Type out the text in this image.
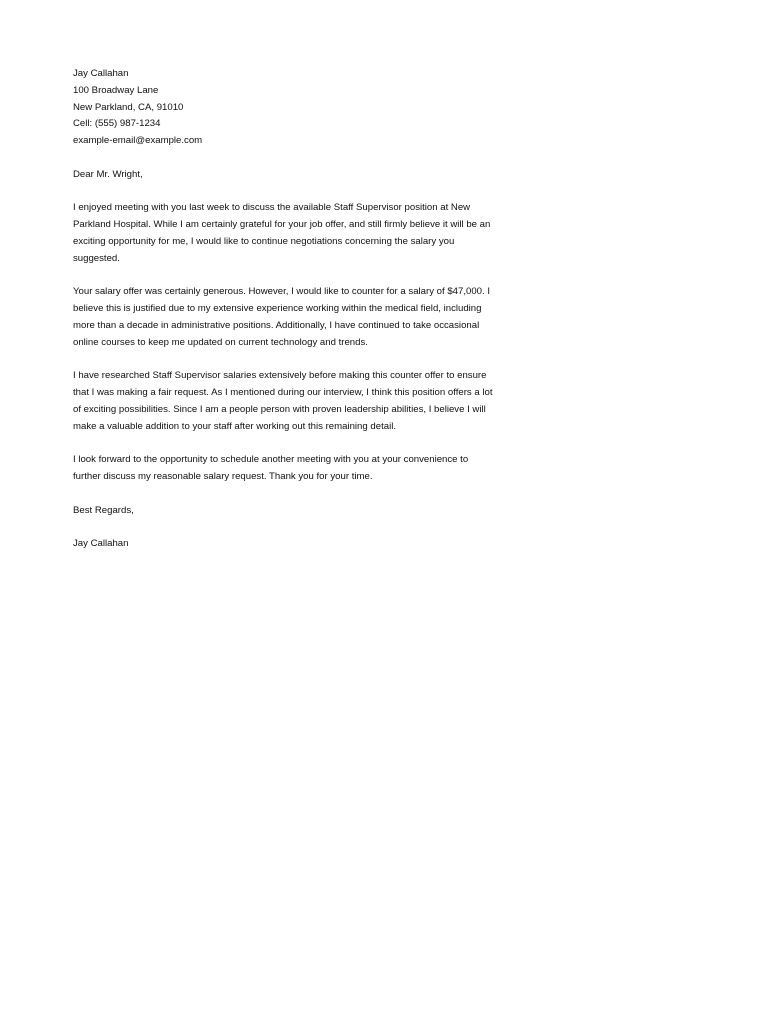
Jay Callahan
100 Broadway Lane
New Parkland, CA, 91010
Cell: (555) 987-1234
example-email@example.com
Dear Mr. Wright,
I enjoyed meeting with you last week to discuss the available Staff Supervisor position at New
Parkland Hospital. While I am certainly grateful for your job offer, and still firmly believe it will be an
exciting opportunity for me, I would like to continue negotiations concerning the salary you
suggested.
Your salary offer was certainly generous. However, I would like to counter for a salary of $47,000. I
believe this is justified due to my extensive experience working within the medical field, including
more than a decade in administrative positions. Additionally, I have continued to take occasional
online courses to keep me updated on current technology and trends.
I have researched Staff Supervisor salaries extensively before making this counter offer to ensure
that I was making a fair request. As I mentioned during our interview, I think this position offers a lot
of exciting possibilities. Since I am a people person with proven leadership abilities, I believe I will
make a valuable addition to your staff after working out this remaining detail.
I look forward to the opportunity to schedule another meeting with you at your convenience to
further discuss my reasonable salary request. Thank you for your time.
Best Regards,
Jay Callahan
